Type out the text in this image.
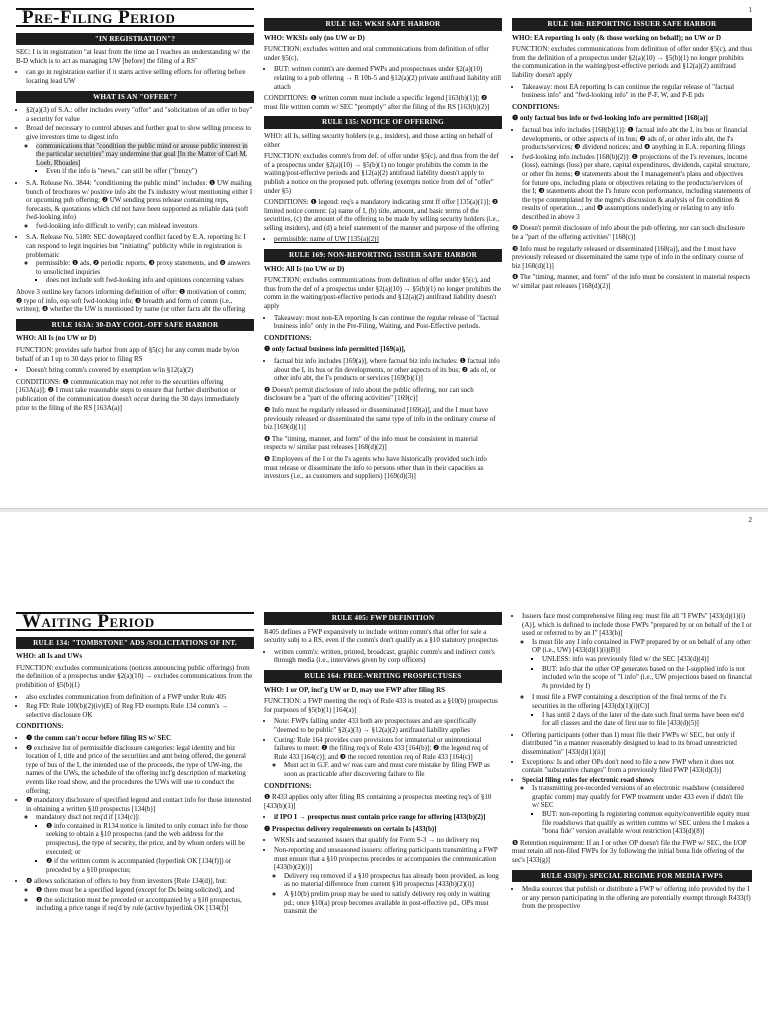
1
Pre-Filing Period
"IN REGISTRATION"?

SEC: I is in registration "at least from the time an I reaches an understanding w/ the B-D which is to act as managing UW [before] the filing of a RS"

• can go in registration earlier if it starts active selling efforts for offering before locating lead UW
WHAT IS AN "OFFER"?
• §2(a)(3) of S.A.: offer includes every "offer" and "solicitation of an offer to buy" a security for value
• Broad def necessary to control abuses and further goal to slow selling process to give investors time to digest info
◦ communications that "condition the public mind or arouse public interest in the particular securities" may undermine that goal [In the Matter of Carl M. Loeb, Rhoades]
▪ Even if the info is "news," can still be offer ("frenzy")
• S.A. Release No. 3844: "conditioning the public mind" includes: ❶ UW mailing bunch of brochures w/ positive info abt the I's industry w/out mentioning either I or upcoming pub offering; ❷ UW sending press release containing reps, forecasts, & quotations which cld not have been supported as reliable data (soft fwd-looking info)
◦ fwd-looking info difficult to verify; can mislead investors
• S.A. Release No. 5180: SEC downplayed conflict faced by E.A. reporting Is: I can respond to legit inquiries but "initiating" publicity while in registration is problematic
◦ permissible: ❶ ads, ❷ periodic reports, ❸ proxy statements, and ❹ answers to unsolicited inquiries
▪ does not include soft fwd-looking info and opinions concerning values

Above 3 outline key factors informing definition of offer: ❶ motivation of comm; ❷ type of info, esp soft fwd-looking info; ❸ breadth and form of comm (i.e., written); ❹ whether the UW is mentioned by name (or other facts abt the offering

RULE 163A: 30-DAY COOL-OFF SAFE HARBOR

WHO: All Is (no UW or D)

FUNCTION: provides safe harbor from app of §5(c) for any comm made by/on behalf of an I up to 30 days prior to filing RS

• Doesn't bring comm's covered by exemption w/in §12(a)(2)

CONDITIONS: ❶ communication may not refer to the securities offering [163A(a)]; ❷ I must take reasonable steps to ensure that further distribution or publication of the communication doesn't occur during the 30 days immediately prior to the filing of the RS [163A(a)]

RULE 163: WKSI SAFE HARBOR

WHO: WKSIs only (no UW or D)

FUNCTION: excludes written and oral communications from definition of offer under §5(c),

• BUT: written comm's are deemed FWPs and prospectuses under §2(a)(10) relating to a pub offering → R 10b-5 and §12(a)(2) private antifraud liability still attach

CONDITIONS: ❶ written comm must include a specific legend [163(b)(1)]; ❷ must file written comm w/ SEC "promptly" after the filing of the RS [163(b)(2)]

RULE 135: NOTICE OF OFFERING

WHO: all Is, selling security holders (e.g., insiders), and those acting on behalf of either

FUNCTION: excludes comm's from def. of offer under §5(c), and thus from the def of a prospectus under §2(a)(10) → §5(b)(1) no longer prohibits the comm in the waiting/post-effective periods and §12(a)(2) antifraud liability doesn't apply to publish a notice on the proposed pub. offering (exempts notice from def of "offer" under §5)

CONDITIONS: ❶ legend: req's a mandatory indicating stmt ff offer [135(a)(1)]; ❷ limited notice content: (a) name of I, (b) title, amount, and basic terms of the securities, (c) the amount of the offering to be made by selling security holders (i.e., selling insiders), and (d) a brief statement of the manner and purpose of the offering

• permissible: name of UW [135(a)(2)]
RULE 169: NON-REPORTING ISSUER SAFE HARBOR

WHO: All Is (no UW or D)

FUNCTION: excludes communications from definition of offer under §5(c), and thus from the def of a prospectus under §2(a)(10) → §5(b)(1) no longer prohibits the comm in the waiting/post-effective periods and §12(a)(2) antifraud liability doesn't apply

• Takeaway: most non-EA reporting Is can continue the regular release of "factual business info" only in the Pre-Filing, Waiting, and Post-Effective periods.

CONDITIONS:

❶ only factual business info permitted [169(a)],

• factual biz info includes [169(a)], where factual biz info includes: ❶ factual info about the I, its bus or fin developments, or other aspects of its bus; ❷ ads of, or other info abt, the I's products or services [169(b)(1)]

❷ Doesn't permit disclosure of info about the public offering, nor can such disclosure be a "part of the offering activities" [169(c)]

❸ Info must be regularly released or disseminated [169(a)], and the I must have previously released or disseminated the same type of info in the ordinary course of biz [169(d)(1)]

❹ The "timing, manner, and form" of the info must be consistent in material respects w/ similar past releases [168(d)(2)]

❺ Employees of the I or the I's agents who have historically provided such info must release or disseminate the info to persons other than in their capacities as investors (i.e., as customers and suppliers) [169(d)(3)]

RULE 168: REPORTING ISSUER SAFE HARBOR

WHO: EA reporting Is only (& those working on behalf); no UW or D

FUNCTION: excludes communications from definition of offer under §5(c), and thus from the definition of a prospectus under §2(a)(10) → §5(b)(1) no longer prohibits the communication in the waiting/post-effective periods and §12(a)(2) antifraud liability doesn't apply

• Takeaway: most EA reporting Is can continue the regular release of "factual business info" and "fwd-looking info" in the P-F, W, and P-E pds

CONDITIONS:

❶ only factual bus info or fwd-looking info are permitted [168(a)]

• factual bus info includes [168(b)(1)]: ❶ factual info abt the I, its bus or financial developments, or other aspects of its bus; ❷ ads of, or other info abt, the I's products/services; ❸ dividend notices; and ❹ anything in E.A. reporting filings
• fwd-looking info includes [168(b)(2)]: ❶ projections of the I's revenues, income (loss), earnings (loss) per share, capital expenditures, dividends, capital structure, or other fin items; ❷ statements about the I management's plans and objectives for future ops, including plans or objectives relating to the products/services of the I; ❸ statements about the I's future econ performance, including statements of the type contemplated by the mgmt's discussion & analysis of fin condition & results of operation...; and ❹ assumptions underlying or relating to any info described in above 3

❷ Doesn't permit disclosure of info about the pub offering, nor can such disclosure be a "part of the offering activities" [168(c)]

❸ Info must be regularly released or disseminated [168(a)], and the I must have previously released or disseminated the same type of info in the ordinary course of biz [168(d)(1)]

❹ The "timing, manner, and form" of the info must be consistent in material respects w/ similar past releases [168(d)(2)]

2
Waiting Period
RULE 134: "TOMBSTONE" ADS /SOLICITATIONS OF INT.

WHO: all Is and UWs

FUNCTION: excludes communications (notices announcing public offerings) from the definition of a prospectus under §2(a)(10) → excludes communications from the prohibition of §5(b)(1)

• also excludes communication from definition of a FWP under Rule 405
• Reg FD: Rule 100(b)(2)(iv)(E) of Reg FD exempts Rule 134 comm's → selective disclosure OK

CONDITIONS:

• ❶ the comm can't occur before filing RS w/ SEC
• ❷ exclusive list of permissible disclosure categories: legal identity and biz location of I, title and price of the securities and amt being offered, the general type of bus of the I, the intended use of the proceeds, the type of UW-ing, the names of the UWs, the schedule of the offering incl'g description of marketing events like road show, and the procedures the UWs will use to conduct the offering;
• ❸ mandatory disclosure of specified legend and contact info for those interested in obtaining a written §10 prospectus [134(b)]
◦ mandatory discl not req'd if [134(c)]:
▪ ❶ info contained in R134 notice is limited to only contact info for those seeking to obtain a §10 prospectus (and the web address for the prospectus), the type of security, the price, and by whom orders will be executed; or
▪ ❷ if the written comm is accompanied (hyperlink OK [134(f)]) or preceded by a §10 prospectus;
• ❹ allows solicitation of offers to buy from investors [Rule 134(d)], but:
◦ ❶ there must be a specified legend (except for Ds being solicited), and
◦ ❷ the solicitation must be preceded or accompanied by a §10 prospectus, including a price range if req'd by rule (active hyperlink OK [134(f)]
RULE 405: FWP DEFINITION

R405 defines a FWP expansively to include written comm's that offer for sale a security subj to a RS, even if the comm's don't qualify as a §10 statutory prospectus

• written comm's: written, printed, broadcast, graphic comm's and indirect com's through media (i.e., interviews given by corp officers)
RULE 164: FREE-WRITING PROSPECTUSES

WHO: I or OP, incl'g UW or D, may use FWP after filing RS

FUNCTION: a FWP meeting the req's of Rule 433 is treated as a §10(b) prospectus for purposes of §5(b)(1) [164(a)]

• Note: FWPs falling under 433 both are prospectuses and are specifically "deemed to be public" §2(a)(3) → §12(a)(2) antifraud liability applies
• Curing: Rule 164 provides cure provisions for immaterial or unintentional failures to meet: ❶ the filing req's of Rule 433 [164(b)]; ❷ the legend req of Rule 433 [164(c)]; and ❸ the record retention req of Rule 433 [164(c)]
◦ Must act in G.F. and w/ reas care and must cure mistake by filing FWP as soon as practicable after discovering failure to file

CONDITIONS:

❶ R433 applies only after filing RS containing a prospectus meeting req's of §10 [433(b)(1)]

• if IPO I → prospectus must contain price range for offering [433(b)(2)]

❷ Prospectus delivery requirements on certain Is [433(b)]

• WKSIs and seasoned issuers that qualify for Form S-3 → no delivery req
• Non-reporting and unseasoned issuers: offering participants transmitting a FWP must ensure that a §10 prospectus precedes or accompanies the communication [433(b)(2)(i)]
◦ Delivery req removed if a §10 prospectus has already been provided, as long as no material difference from current §10 prospectus [433(b)(2)(i)]
◦ A §10(b) prelim prosp may be used to satisfy delivery req only in waiting pd.; once §10(a) prosp becomes available in post-effective pd., OPs must transmit the
• Issuers face most comprehensive filing req: must file all "I FWPs" [433(d)(1)(i)(A)], which is defined to include those FWPs "prepared by or on behalf of the I or used or referred to by an I" [433(h)]
◦ Is must file any I info contained in FWP prepared by or on behalf of any other OP (i.e., UW) [433(d)(1)(i)(B)]
▪ UNLESS: info was previously filed w/ the SEC [433(d)(4)]
▪ BUT: info that the other OP generates based on the I-supplied info is not included w/in the scope of "I info" (i.e., UW projections based on financial #s provided by I)
◦ I must file a FWP containing a description of the final terms of the I's securities in the offering [433(d)(1)(i)(C)]
▪ I has until 2 days of the later of the date such final terms have been est'd for all classes and the date of first use to file [433(d)(5)]
• Offering participants (other than I) must file their FWPs w/ SEC, but only if distributed "in a manner reasonably designed to lead to its broad unrestricted dissemination" [433(d)(1)(ii)]
• Exceptions: Is and other OPs don't need to file a new FWP when it does not contain "substantive changes" from a previously filed FWP [433(d)(3)]
• Special filing rules for electronic road shows
◦ Is transmitting pre-recorded versions of an electronic roadshow (considered graphic comm) may qualify for FWP treatment under 433 even if didn't file w/ SEC
▪ BUT: non-reporting Is registering common equity/convertible equity must file roadshows that qualify as written comms w/ SEC unless the I makes a "bona fide" version available w/out restriction [433(d)(8)]

❺ Retention requirement: If an I or other OP doesn't file the FWP w/ SEC, the I/OP must retain all non-filed FWPs for 3y following the initial bona fide offering of the sec's [433(g)]

RULE 433(F): SPECIAL REGIME FOR MEDIA FWPS
• Media sources that publish or distribute a FWP w/ offering info provided by the I or any person participating in the offering are potentially exempt through R433(f) from the prospective
